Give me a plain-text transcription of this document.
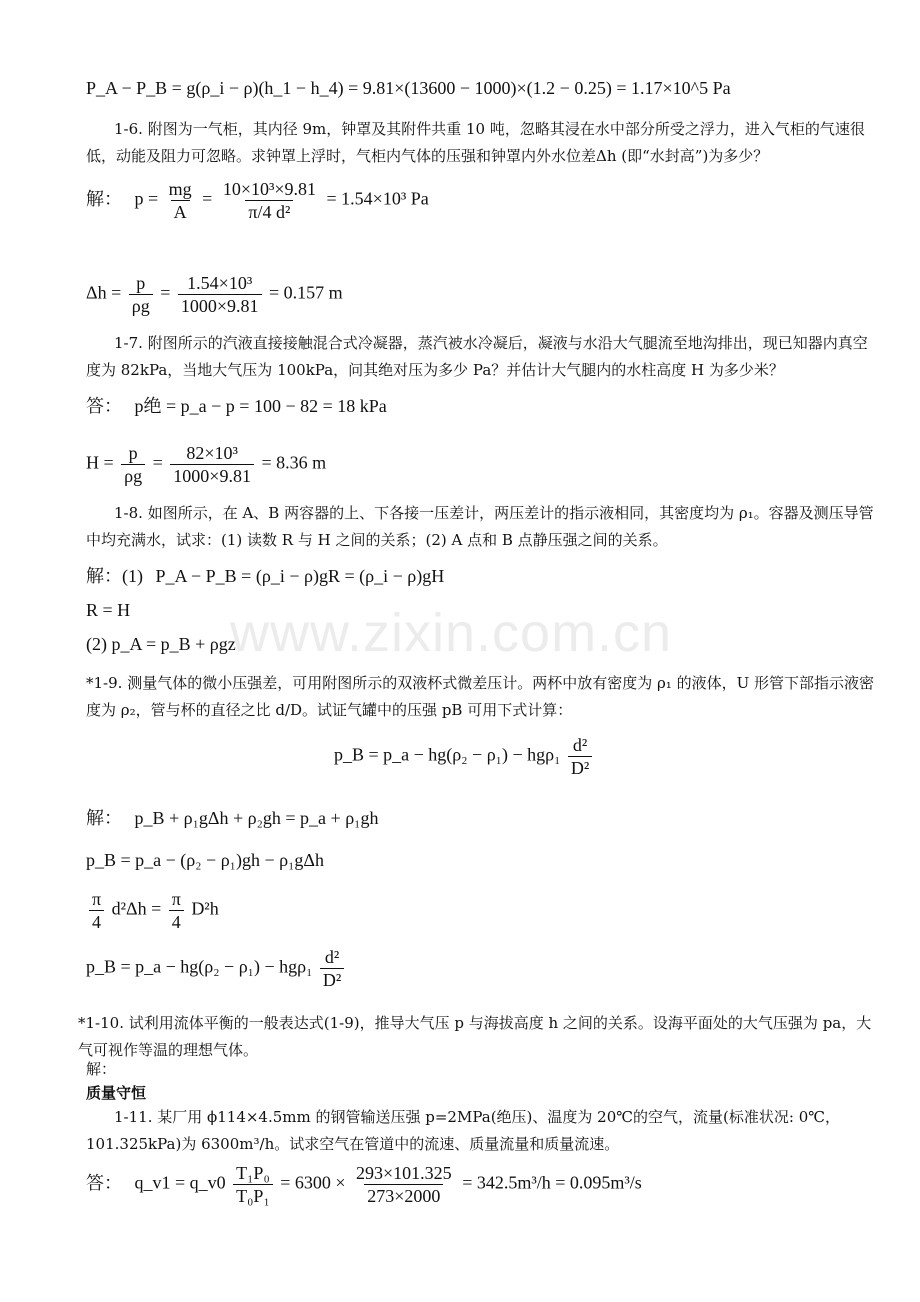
www.zixin.com.cn
P_A − P_B = g(ρ_i − ρ)(h_1 − h_4) = 9.81×(13600 − 1000)×(1.2 − 0.25) = 1.17×10^5 Pa
1-6. 附图为一气柜，其内径 9m，钟罩及其附件共重 10 吨，忽略其浸在水中部分所受之浮力，进入气柜的气速很低，动能及阻力可忽略。求钟罩上浮时，气柜内气体的压强和钟罩内外水位差Δh (即“水封高”)为多少？
解： $p = \frac{mg}{A} = \frac{\text{10×10³×9.81}}{\text{π/4 d²}} = 1.54\times 10^3$ Pa
$\Delta h = \frac{p}{\rho g} = \frac{\text{1.54×10³}}{1000\times 9.81} = 0.157$ m
1-7. 附图所示的汽液直接接触混合式冷凝器，蒸汽被水冷凝后，凝液与水沿大气腿流至地沟排出，现已知器内真空度为 82kPa，当地大气压为 100kPa，问其绝对压为多少 Pa？并估计大气腿内的水柱高度 H 为多少米？
答： p绝 = p_a − p = 100 − 82 = 18 kPa
$H = \frac{p}{\rho g} = \frac{\text{82×10³}}{1000\times 9.81} = 8.36$ m
1-8. 如图所示，在 A、B 两容器的上、下各接一压差计，两压差计的指示液相同，其密度均为 ρ₁。容器及测压导管中均充满水，试求：(1) 读数 R 与 H 之间的关系；(2) A 点和 B 点静压强之间的关系。
解：(1) P_A − P_B = (ρ_i − ρ)gR = (ρ_i − ρ)gH
R = H
(2) p_A = p_B + ρgz
*1-9. 测量气体的微小压强差，可用附图所示的双液杯式微差压计。两杯中放有密度为 ρ₁ 的液体，U 形管下部指示液密度为 ρ₂，管与杯的直径之比 d/D。试证气罐中的压强 pB 可用下式计算：
p_B = p_a − $hg(\rho_2 - \rho_1) - hg\rho_1 \frac{\text{d²}}{\text{D²}}$
解： p_B + ρ₁gΔh + ρ₂gh = p_a + ρ₁gh
p_B = p_a − (ρ₂ − ρ₁)gh − ρ₁gΔh
$\frac{\pi}{4} d^2\Delta h = \frac{\pi}{4} D^2h$
p_B = p_a − $hg(\rho_2 - \rho_1) - hg\rho_1 \frac{\text{d²}}{\text{D²}}$
*1-10. 试利用流体平衡的一般表达式(1-9)，推导大气压 p 与海拔高度 h 之间的关系。设海平面处的大气压强为 pa，大气可视作等温的理想气体。
解：
质量守恒
1-11. 某厂用 ϕ114×4.5mm 的钢管输送压强 p=2MPa(绝压)、温度为 20℃的空气，流量(标准状况: 0℃，101.325kPa)为 6300m³/h。试求空气在管道中的流速、质量流量和质量流速。
答： q_v1 = q_v0 $\frac{\text{T₁P₀}}{\text{T₀P₁}} = 6300 \times \frac{293\times 101.325}{273\times 2000} = 342.5m^3/h = 0.095m^3/s$
